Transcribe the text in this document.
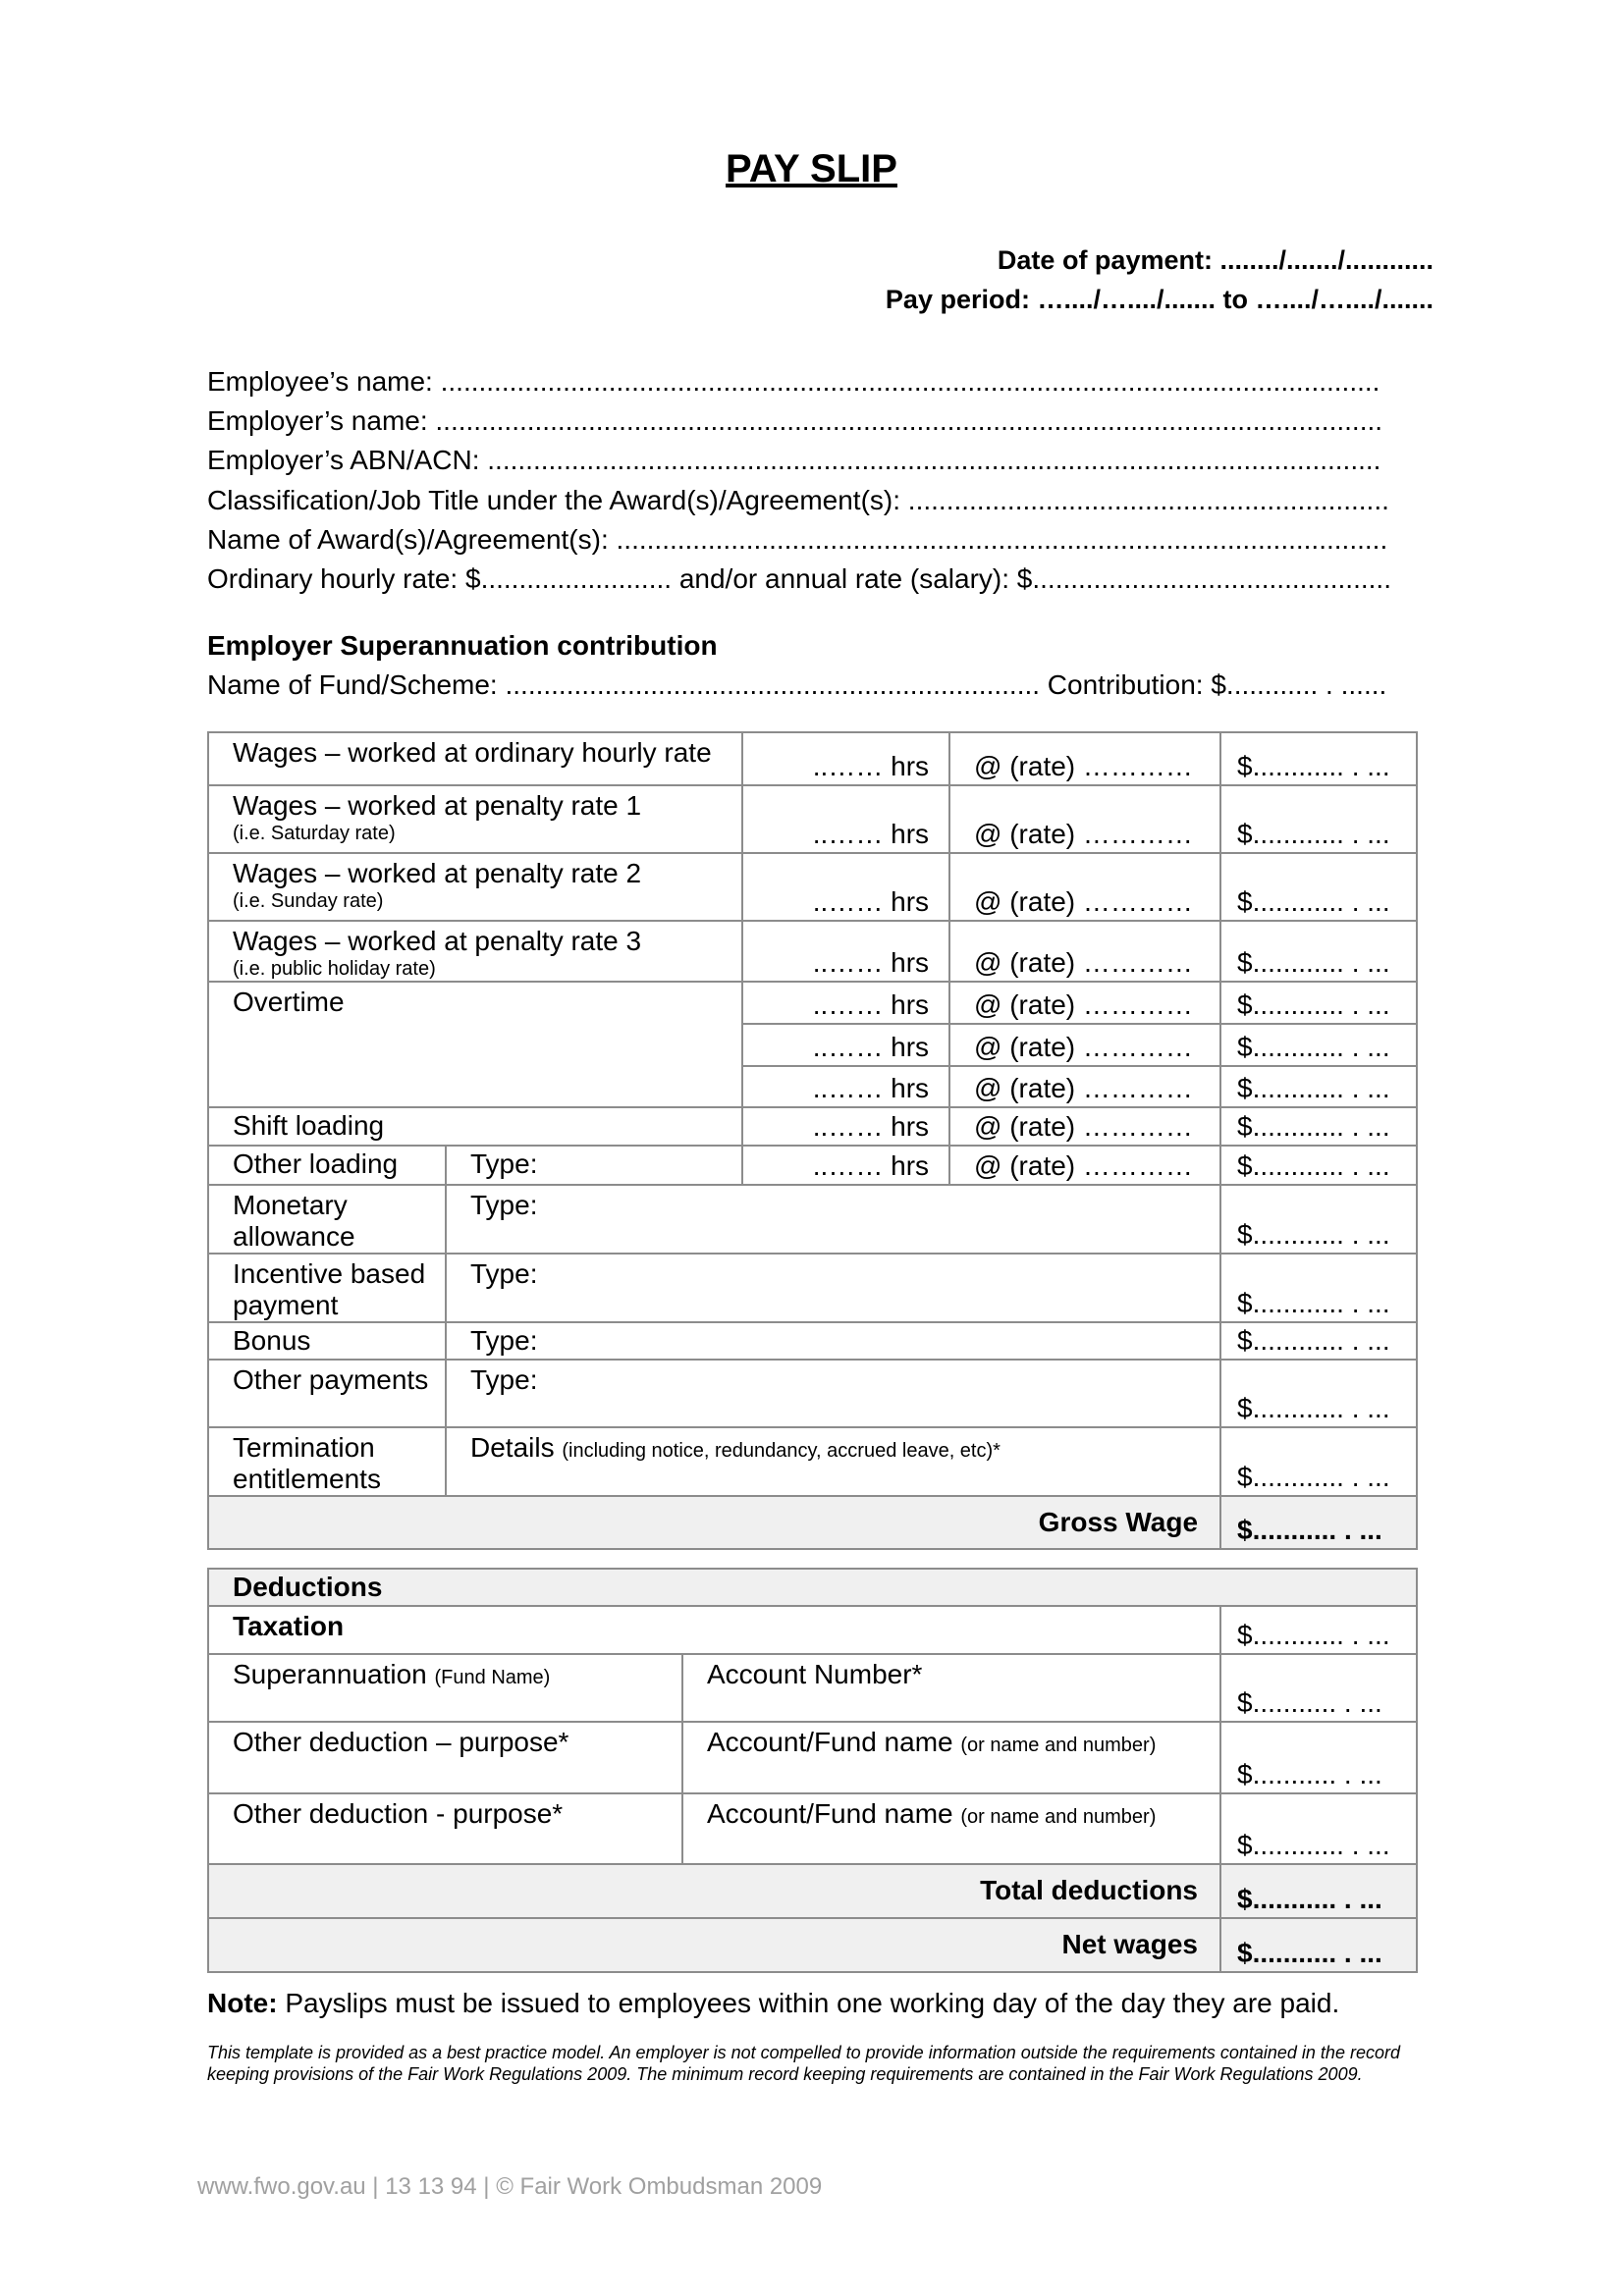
PAY SLIP
Date of payment: ......../......./............
Pay period: …..../…..../....... to …..../…..../.......
Employee’s name: ...........................................................................................................................
Employer’s name: ............................................................................................................................
Employer’s ABN/ACN: .....................................................................................................................
Classification/Job Title under the Award(s)/Agreement(s): ...............................................................
Name of Award(s)/Agreement(s): .....................................................................................................
Ordinary hourly rate: $......................... and/or annual rate (salary): $...............................................
Employer Superannuation contribution
Name of Fund/Scheme: ...................................................................... Contribution: $............ . ......
Wages – worked at ordinary hourly rate		..…… hrs	@ (rate) …………	$............ . ...

Wages – worked at penalty rate 1
(i.e. Saturday rate)		..…… hrs	@ (rate) …………	$............ . ...

Wages – worked at penalty rate 2
(i.e. Sunday rate)		..…… hrs	@ (rate) …………	$............ . ...

Wages – worked at penalty rate 3
(i.e. public holiday rate)		..…… hrs	@ (rate) …………	$............ . ...

Overtime		..…… hrs	@ (rate) …………	$............ . ...

		..…… hrs	@ (rate) …………	$............ . ...

		..…… hrs	@ (rate) …………	$............ . ...

Shift loading		..…… hrs	@ (rate) …………	$............ . ...

Other loading	Type:	..…… hrs	@ (rate) …………	$............ . ...

Monetary
allowance	Type:			$............ . ...

Incentive based
payment	Type:			$............ . ...

Bonus	Type:			$............ . ...

Other payments	Type:			$............ . ...

Termination
entitlements	Details (including notice, redundancy, accrued leave, etc)*			$............ . ...

Gross Wage				$........... . ...
Deductions		

Taxation		$............ . ...

Superannuation (Fund Name)	Account Number*	$........... . ...

Other deduction – purpose*	Account/Fund name (or name and number)	$........... . ...

Other deduction - purpose*	Account/Fund name (or name and number)	$............ . ...

Total deductions		$........... . ...

Net wages		$........... . ...
Note: Payslips must be issued to employees within one working day of the day they are paid.
This template is provided as a best practice model. An employer is not compelled to provide information outside the requirements contained in the record keeping provisions of the Fair Work Regulations 2009. The minimum record keeping requirements are contained in the Fair Work Regulations 2009.
www.fwo.gov.au | 13 13 94 | © Fair Work Ombudsman 2009
